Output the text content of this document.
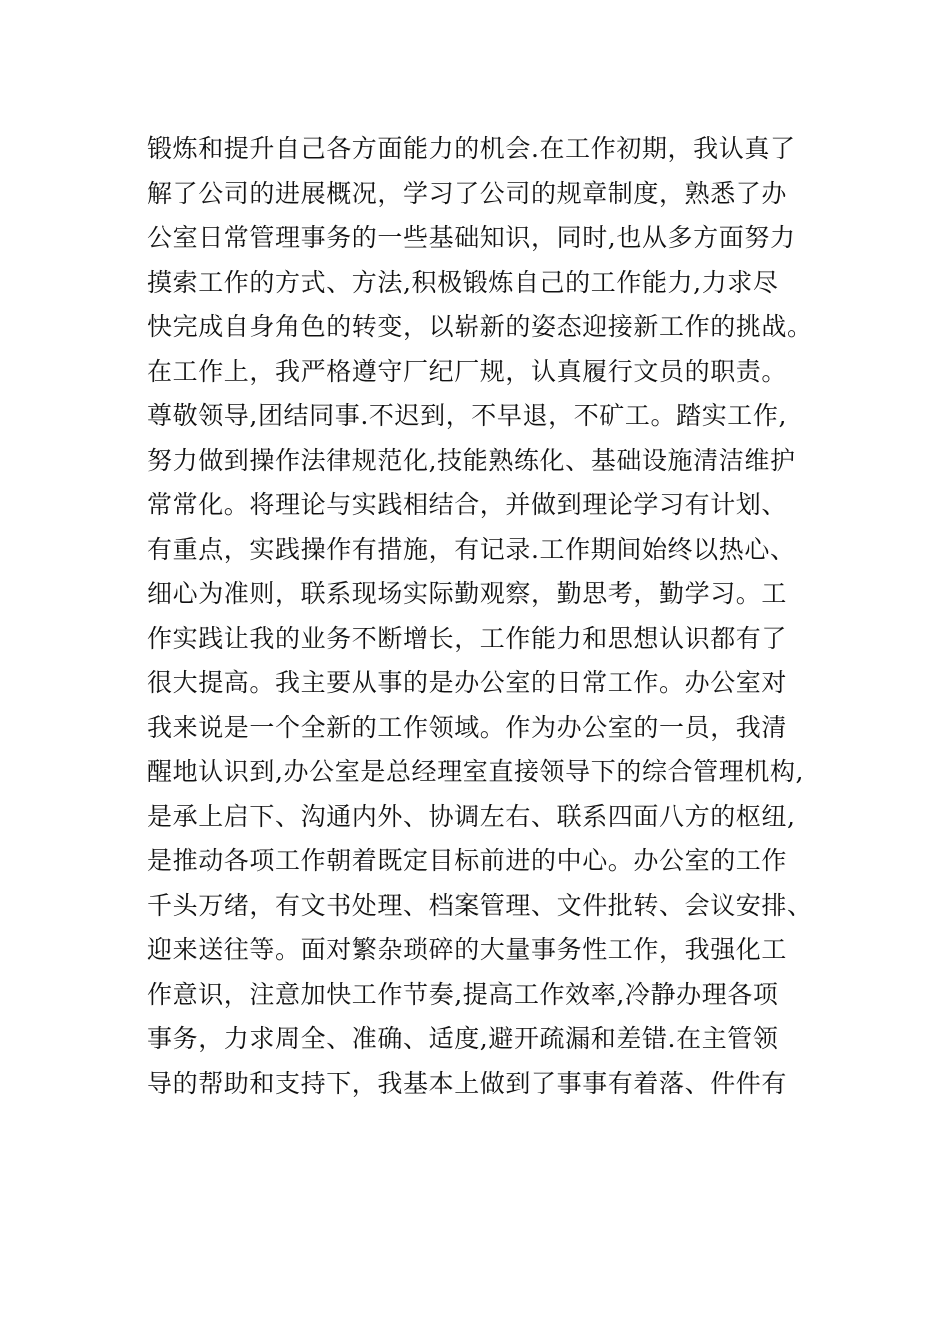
锻炼和提升自己各方面能力的机会.在工作初期，我认真了
解了公司的进展概况，学习了公司的规章制度，熟悉了办
公室日常管理事务的一些基础知识，同时,也从多方面努力
摸索工作的方式、方法,积极锻炼自己的工作能力,力求尽
快完成自身角色的转变，以崭新的姿态迎接新工作的挑战。
在工作上，我严格遵守厂纪厂规，认真履行文员的职责。
尊敬领导,团结同事.不迟到，不早退，不矿工。踏实工作,
努力做到操作法律规范化,技能熟练化、基础设施清洁维护
常常化。将理论与实践相结合，并做到理论学习有计划、
有重点，实践操作有措施，有记录.工作期间始终以热心、
细心为准则，联系现场实际勤观察，勤思考，勤学习。工
作实践让我的业务不断增长，工作能力和思想认识都有了
很大提高。我主要从事的是办公室的日常工作。办公室对
我来说是一个全新的工作领域。作为办公室的一员，我清
醒地认识到,办公室是总经理室直接领导下的综合管理机构,
是承上启下、沟通内外、协调左右、联系四面八方的枢纽,
是推动各项工作朝着既定目标前进的中心。办公室的工作
千头万绪，有文书处理、档案管理、文件批转、会议安排、
迎来送往等。面对繁杂琐碎的大量事务性工作，我强化工
作意识，注意加快工作节奏,提高工作效率,冷静办理各项
事务，力求周全、准确、适度,避开疏漏和差错.在主管领
导的帮助和支持下，我基本上做到了事事有着落、件件有
